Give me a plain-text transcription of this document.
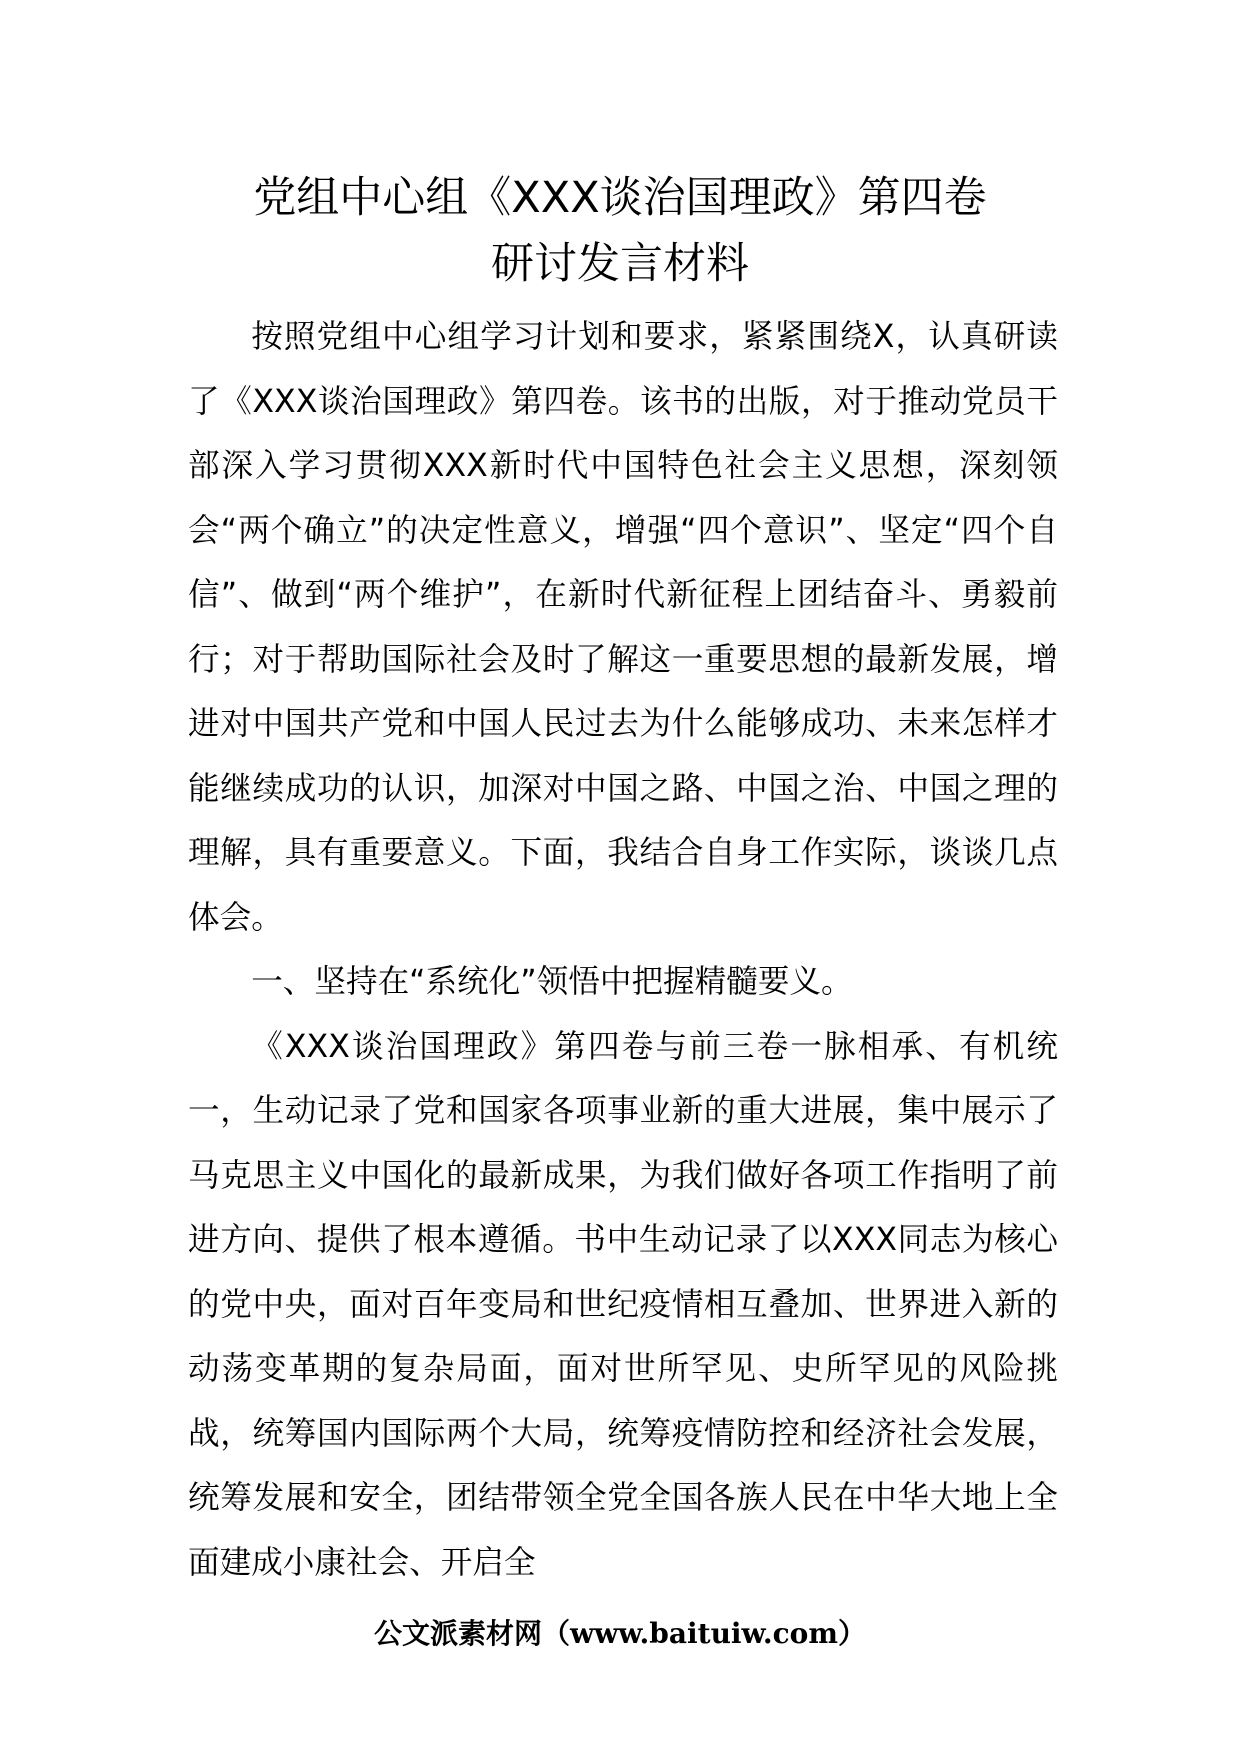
党组中心组《XXX谈治国理政》第四卷
研讨发言材料

按照党组中心组学习计划和要求，紧紧围绕X，认真研读了《XXX谈治国理政》第四卷。该书的出版，对于推动党员干部深入学习贯彻XXX新时代中国特色社会主义思想，深刻领会“两个确立”的决定性意义，增强“四个意识”、坚定“四个自信”、做到“两个维护”，在新时代新征程上团结奋斗、勇毅前行；对于帮助国际社会及时了解这一重要思想的最新发展，增进对中国共产党和中国人民过去为什么能够成功、未来怎样才能继续成功的认识，加深对中国之路、中国之治、中国之理的理解，具有重要意义。下面，我结合自身工作实际，谈谈几点体会。

一、坚持在“系统化”领悟中把握精髓要义。

《XXX谈治国理政》第四卷与前三卷一脉相承、有机统一，生动记录了党和国家各项事业新的重大进展，集中展示了马克思主义中国化的最新成果，为我们做好各项工作指明了前进方向、提供了根本遵循。书中生动记录了以XXX同志为核心的党中央，面对百年变局和世纪疫情相互叠加、世界进入新的动荡变革期的复杂局面，面对世所罕见、史所罕见的风险挑战，统筹国内国际两个大局，统筹疫情防控和经济社会发展，统筹发展和安全，团结带领全党全国各族人民在中华大地上全面建成小康社会、开启全

公文派素材网（www.baituiw.com）
